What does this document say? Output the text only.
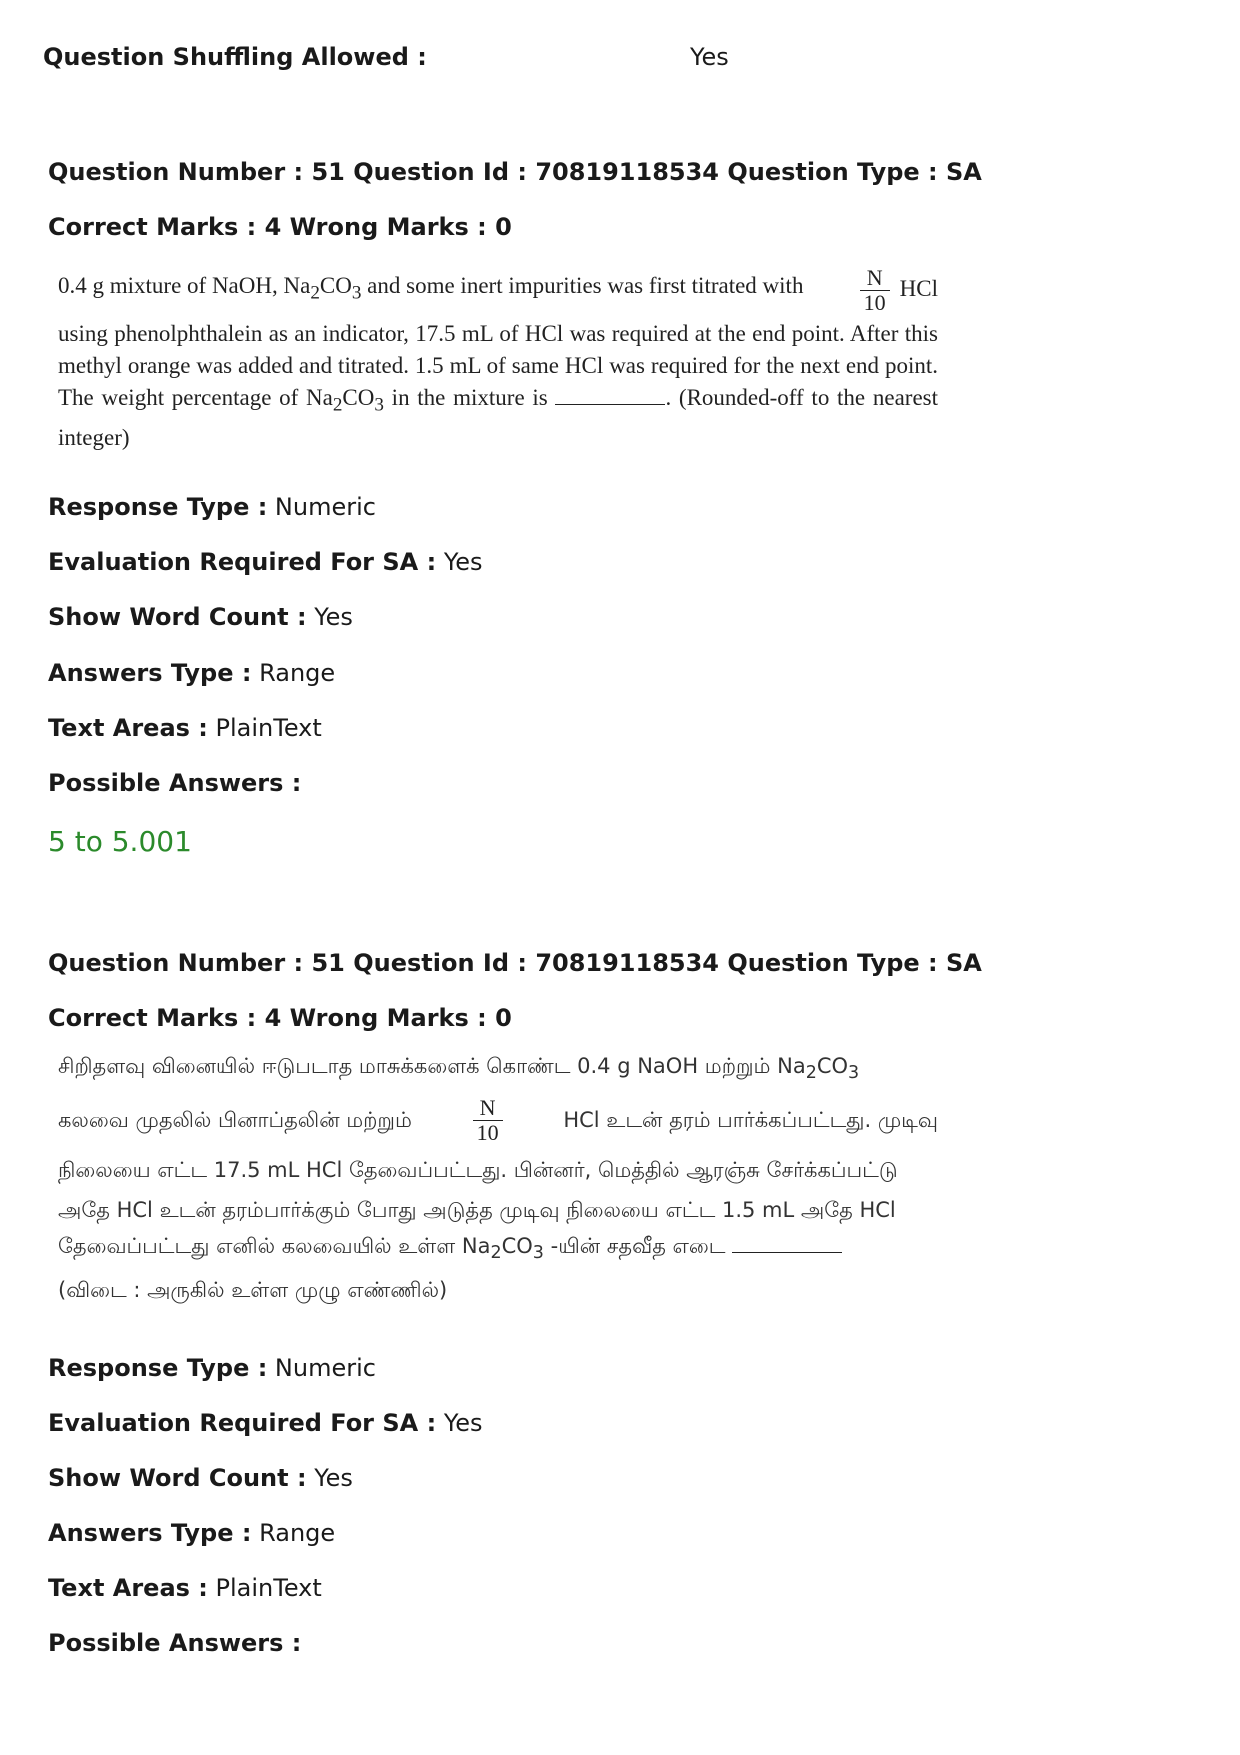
Question Shuffling Allowed :	Yes
Question Number : 51 Question Id : 70819118534 Question Type : SA
Correct Marks : 4 Wrong Marks : 0
0.4 g mixture of NaOH, $Na_2CO_3$ and some inert impurities was first titrated with	$\frac{N}{10}$ HCl

using phenolphthalein as an indicator, 17.5 mL of HCl was required at the end point. After this methyl orange was added and titrated. 1.5 mL of same HCl was required for the next end point. The weight percentage of $Na_2CO_3$ in the mixture is	. (Rounded-off to the nearest integer)

Response Type : Numeric
Evaluation Required For SA : Yes
Show Word Count : Yes
Answers Type : Range
Text Areas : PlainText
Possible Answers :
5 to 5.001
Question Number : 51 Question Id : 70819118534 Question Type : SA
Correct Marks : 4 Wrong Marks : 0
சிறிதளவு வினையில் ஈடுபடாத மாசுக்களைக் கொண்ட 0.4 g NaOH மற்றும் $Na_2CO_3$
கலவை முதலில் பினாப்தலின் மற்றும்	$\frac{N}{10}$	HCl உடன் தரம் பார்க்கப்பட்டது. முடிவு
நிலையை எட்ட 17.5 mL HCl தேவைப்பட்டது. பின்னர், மெத்தில் ஆரஞ்சு சேர்க்கப்பட்டு
அதே HCl உடன் தரம்பார்க்கும் போது அடுத்த முடிவு நிலையை எட்ட 1.5 mL அதே HCl
தேவைப்பட்டது எனில் கலவையில் உள்ள $Na_2CO_3$ -யின் சதவீத எடை
(விடை : அருகில் உள்ள முழு எண்ணில்)
Response Type : Numeric
Evaluation Required For SA : Yes
Show Word Count : Yes
Answers Type : Range
Text Areas : PlainText
Possible Answers :
